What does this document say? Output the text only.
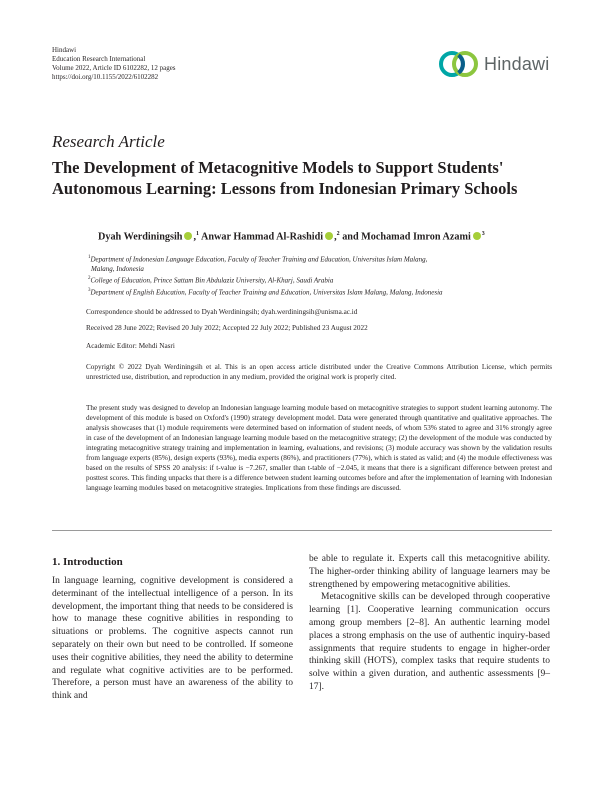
Hindawi
Education Research International
Volume 2022, Article ID 6102282, 12 pages
https://doi.org/10.1155/2022/6102282
Hindawi
Research Article
The Development of Metacognitive Models to Support Students' Autonomous Learning: Lessons from Indonesian Primary Schools
Dyah Werdiningsih ,$^1$ Anwar Hammad Al-Rashidi ,$^2$ and Mochamad Imron Azami $^3$
$^1$Department of Indonesian Language Education, Faculty of Teacher Training and Education, Universitas Islam Malang,
Malang, Indonesia
$^2$College of Education, Prince Sattam Bin Abdulaziz University, Al-Kharj, Saudi Arabia
$^3$Department of English Education, Faculty of Teacher Training and Education, Universitas Islam Malang, Malang, Indonesia
Correspondence should be addressed to Dyah Werdiningsih; dyah.werdiningsih@unisma.ac.id
Received 28 June 2022; Revised 20 July 2022; Accepted 22 July 2022; Published 23 August 2022
Academic Editor: Mehdi Nasri
Copyright © 2022 Dyah Werdiningsih et al. This is an open access article distributed under the Creative Commons Attribution License, which permits unrestricted use, distribution, and reproduction in any medium, provided the original work is properly cited.
The present study was designed to develop an Indonesian language learning module based on metacognitive strategies to support student learning autonomy. The development of this module is based on Oxford's (1990) strategy development model. Data were generated through quantitative and qualitative approaches. The analysis showcases that (1) module requirements were determined based on information of student needs, of whom 53% stated to agree and 31% strongly agree in case of the development of an Indonesian language learning module based on the metacognitive strategy; (2) the development of the module was conducted by integrating metacognitive strategy training and implementation in learning, evaluations, and revisions; (3) module accuracy was shown by the validation results from language experts (85%), design experts (93%), media experts (86%), and practitioners (77%), which is stated as valid; and (4) the module effectiveness was based on the results of SPSS 20 analysis: if t-value is −7.267, smaller than t-table of −2.045, it means that there is a significant difference between pretest and posttest scores. This finding unpacks that there is a difference between student learning outcomes before and after the implementation of learning with Indonesian language learning modules based on metacognitive strategies. Implications from these findings are discussed.
1. Introduction

In language learning, cognitive development is considered a determinant of the intellectual intelligence of a person. In its development, the important thing that needs to be considered is how to manage these cognitive abilities in responding to situations or problems. The cognitive aspects cannot run separately on their own but need to be controlled. If someone uses their cognitive abilities, they need the ability to determine and regulate what cognitive activities are to be performed. Therefore, a person must have an awareness of the ability to think and

be able to regulate it. Experts call this metacognitive ability. The higher-order thinking ability of language learners may be strengthened by empowering metacognitive abilities.

Metacognitive skills can be developed through cooperative learning [1]. Cooperative learning communication occurs among group members [2–8]. An authentic learning model places a strong emphasis on the use of authentic inquiry-based assignments that require students to engage in higher-order thinking skill (HOTS), complex tasks that require students to solve within a given duration, and authentic assessments [9–17].
